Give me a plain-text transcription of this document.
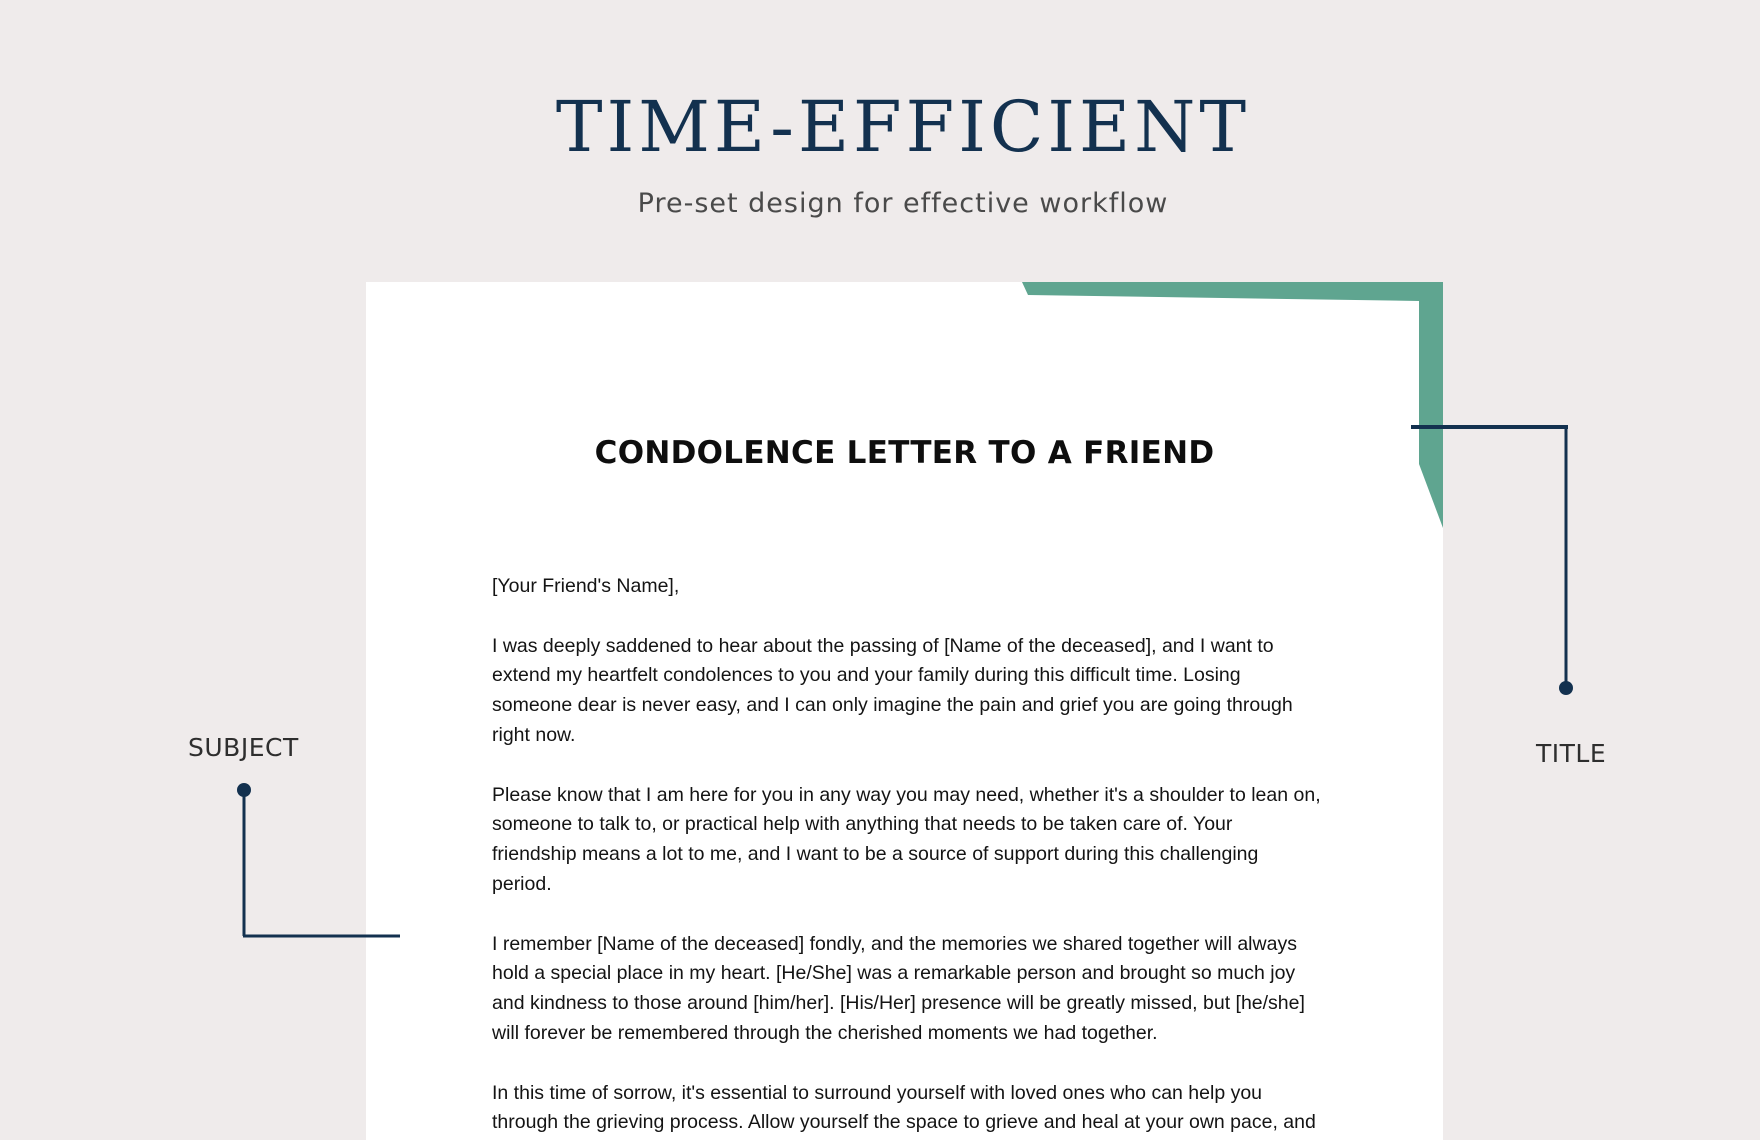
TIME-EFFICIENT
Pre-set design for effective workflow
CONDOLENCE LETTER TO A FRIEND

[Your Friend's Name],

I was deeply saddened to hear about the passing of [Name of the deceased], and I want to extend my heartfelt condolences to you and your family during this difficult time. Losing someone dear is never easy, and I can only imagine the pain and grief you are going through right now.

Please know that I am here for you in any way you may need, whether it's a shoulder to lean on, someone to talk to, or practical help with anything that needs to be taken care of. Your friendship means a lot to me, and I want to be a source of support during this challenging period.

I remember [Name of the deceased] fondly, and the memories we shared together will always hold a special place in my heart. [He/She] was a remarkable person and brought so much joy and kindness to those around [him/her]. [His/Her] presence will be greatly missed, but [he/she] will forever be remembered through the cherished moments we had together.

In this time of sorrow, it's essential to surround yourself with loved ones who can help you through the grieving process. Allow yourself the space to grieve and heal at your own pace, and

SUBJECT	TITLE
